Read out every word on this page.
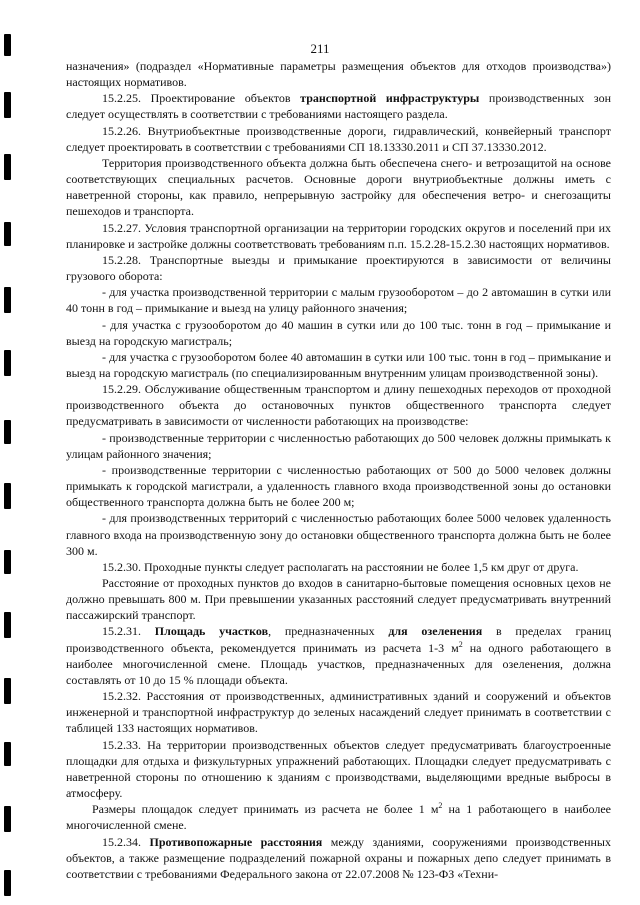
211

назначения» (подраздел «Нормативные параметры размещения объектов для отходов производства») настоящих нормативов.

15.2.25. Проектирование объектов транспортной инфраструктуры производственных зон следует осуществлять в соответствии с требованиями настоящего раздела.

15.2.26. Внутриобъектные производственные дороги, гидравлический, конвейерный транспорт следует проектировать в соответствии с требованиями СП 18.13330.2011 и СП 37.13330.2012.

Территория производственного объекта должна быть обеспечена снего- и ветрозащитой на основе соответствующих специальных расчетов. Основные дороги внутриобъектные должны иметь с наветренной стороны, как правило, непрерывную застройку для обеспечения ветро- и снегозащиты пешеходов и транспорта.

15.2.27. Условия транспортной организации на территории городских округов и поселений при их планировке и застройке должны соответствовать требованиям п.п. 15.2.28-15.2.30 настоящих нормативов.

15.2.28. Транспортные выезды и примыкание проектируются в зависимости от величины грузового оборота:

- для участка производственной территории с малым грузооборотом – до 2 автомашин в сутки или 40 тонн в год – примыкание и выезд на улицу районного значения;

- для участка с грузооборотом до 40 машин в сутки или до 100 тыс. тонн в год – примыкание и выезд на городскую магистраль;

- для участка с грузооборотом более 40 автомашин в сутки или 100 тыс. тонн в год – примыкание и выезд на городскую магистраль (по специализированным внутренним улицам производственной зоны).

15.2.29. Обслуживание общественным транспортом и длину пешеходных переходов от проходной производственного объекта до остановочных пунктов общественного транспорта следует предусматривать в зависимости от численности работающих на производстве:

- производственные территории с численностью работающих до 500 человек должны примыкать к улицам районного значения;

- производственные территории с численностью работающих от 500 до 5000 человек должны примыкать к городской магистрали, а удаленность главного входа производственной зоны до остановки общественного транспорта должна быть не более 200 м;

- для производственных территорий с численностью работающих более 5000 человек удаленность главного входа на производственную зону до остановки общественного транспорта должна быть не более 300 м.

15.2.30. Проходные пункты следует располагать на расстоянии не более 1,5 км друг от друга.

Расстояние от проходных пунктов до входов в санитарно-бытовые помещения основных цехов не должно превышать 800 м. При превышении указанных расстояний следует предусматривать внутренний пассажирский транспорт.

15.2.31. Площадь участков, предназначенных для озеленения в пределах границ производственного объекта, рекомендуется принимать из расчета 1-3 $м^2$ на одного работающего в наиболее многочисленной смене. Площадь участков, предназначенных для озеленения, должна составлять от 10 до 15 % площади объекта.

15.2.32. Расстояния от производственных, административных зданий и сооружений и объектов инженерной и транспортной инфраструктур до зеленых насаждений следует принимать в соответствии с таблицей 133 настоящих нормативов.

15.2.33. На территории производственных объектов следует предусматривать благоустроенные площадки для отдыха и физкультурных упражнений работающих. Площадки следует предусматривать с наветренной стороны по отношению к зданиям с производствами, выделяющими вредные выбросы в атмосферу.

Размеры площадок следует принимать из расчета не более 1 $м^2$ на 1 работающего в наиболее многочисленной смене.

15.2.34. Противопожарные расстояния между зданиями, сооружениями производственных объектов, а также размещение подразделений пожарной охраны и пожарных депо следует принимать в соответствии с требованиями Федерального закона от 22.07.2008 № 123-ФЗ «Техни-
